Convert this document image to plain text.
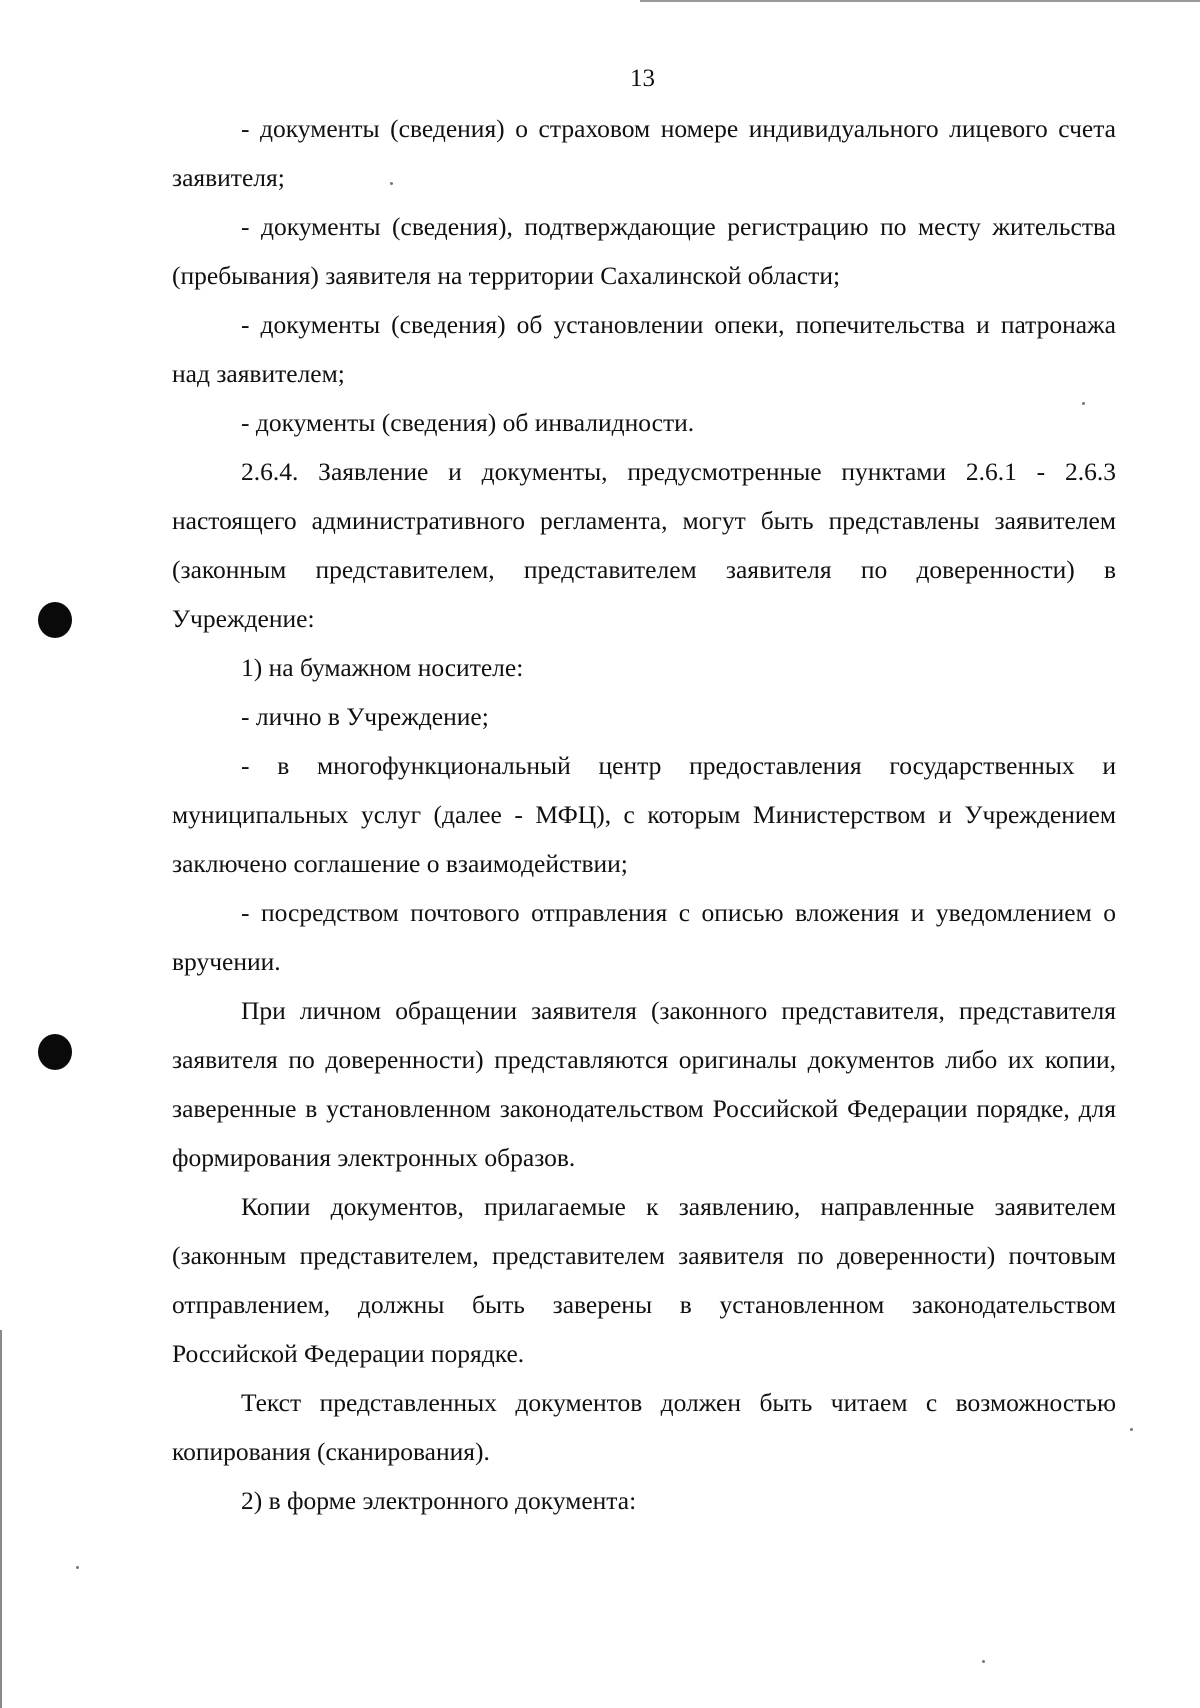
13

- документы (сведения) о страховом номере индивидуального лицевого счета заявителя;

- документы (сведения), подтверждающие регистрацию по месту жительства (пребывания) заявителя на территории Сахалинской области;

- документы (сведения) об установлении опеки, попечительства и патронажа над заявителем;

- документы (сведения) об инвалидности.

2.6.4. Заявление и документы, предусмотренные пунктами 2.6.1 - 2.6.3 настоящего административного регламента, могут быть представлены заявителем (законным представителем, представителем заявителя по доверенности) в Учреждение:

1) на бумажном носителе:

- лично в Учреждение;

- в многофункциональный центр предоставления государственных и муниципальных услуг (далее - МФЦ), с которым Министерством и Учреждением заключено соглашение о взаимодействии;

- посредством почтового отправления с описью вложения и уведомлением о вручении.

При личном обращении заявителя (законного представителя, представителя заявителя по доверенности) представляются оригиналы документов либо их копии, заверенные в установленном законодательством Российской Федерации порядке, для формирования электронных образов.

Копии документов, прилагаемые к заявлению, направленные заявителем (законным представителем, представителем заявителя по доверенности) почтовым отправлением, должны быть заверены в установленном законодательством Российской Федерации порядке.

Текст представленных документов должен быть читаем с возможностью копирования (сканирования).

2) в форме электронного документа:
